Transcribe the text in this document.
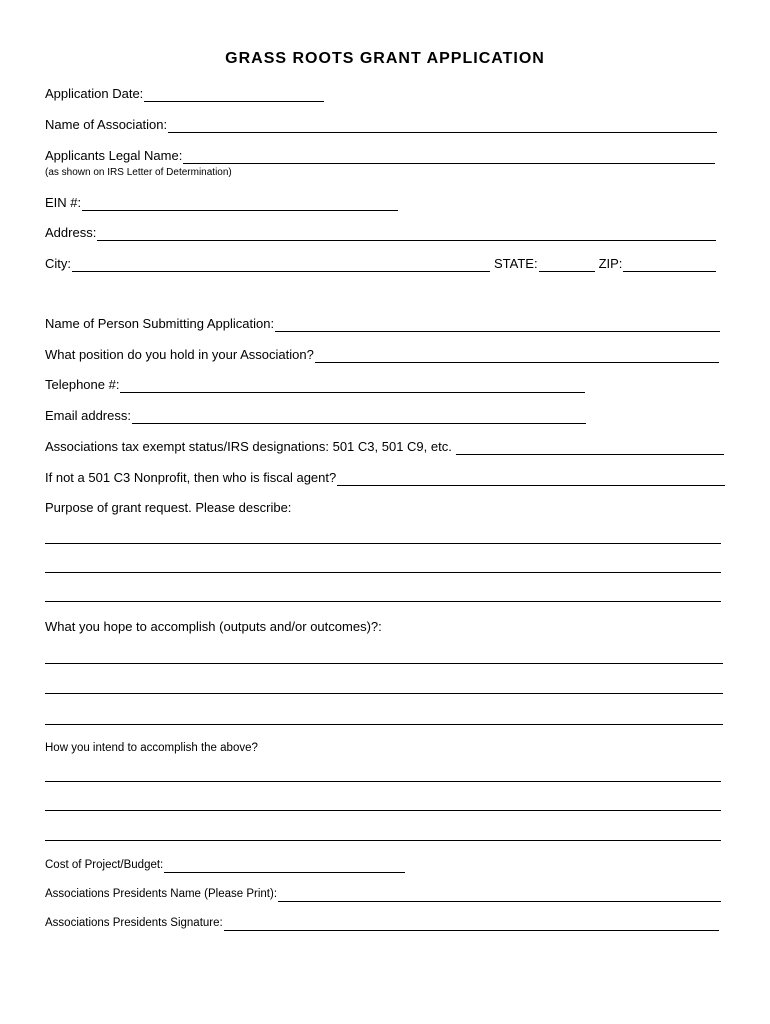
GRASS ROOTS GRANT APPLICATION
Application Date:
Name of Association:
Applicants Legal Name:
(as shown on IRS Letter of Determination)
EIN #:
Address:
City:	STATE:	ZIP:
Name of Person Submitting Application:
What position do you hold in your Association?
Telephone #:
Email address:
Associations tax exempt status/IRS designations: 501 C3, 501 C9, etc.
If not a 501 C3 Nonprofit, then who is fiscal agent?
Purpose of grant request. Please describe:
What you hope to accomplish (outputs and/or outcomes)?:
How you intend to accomplish the above?
Cost of Project/Budget:
Associations Presidents Name (Please Print):
Associations Presidents Signature:
